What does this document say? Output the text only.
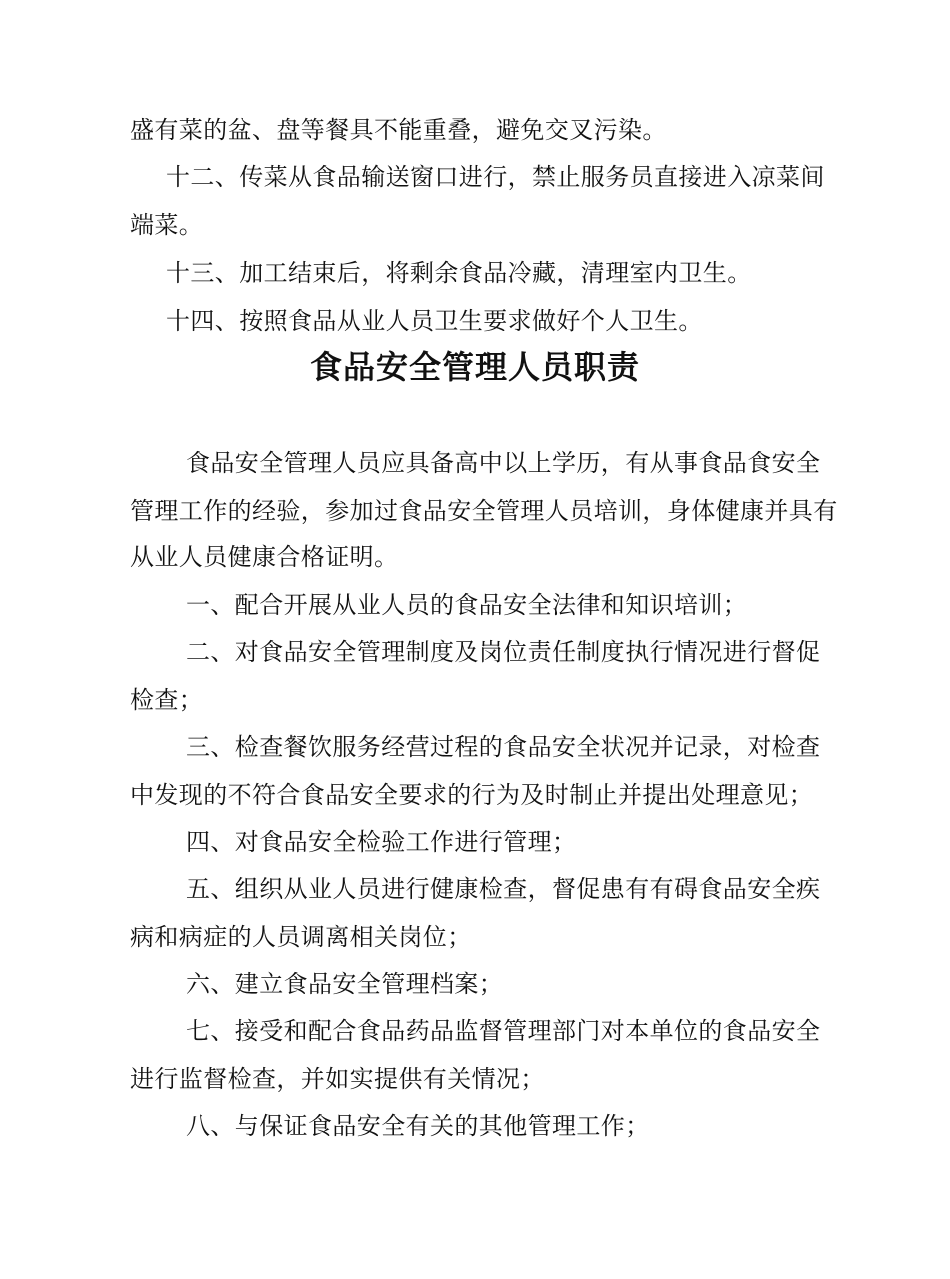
盛有菜的盆、盘等餐具不能重叠，避免交叉污染。
十二、传菜从食品输送窗口进行，禁止服务员直接进入凉菜间
端菜。
十三、加工结束后，将剩余食品冷藏，清理室内卫生。
十四、按照食品从业人员卫生要求做好个人卫生。
食品安全管理人员职责
食品安全管理人员应具备高中以上学历，有从事食品食安全
管理工作的经验，参加过食品安全管理人员培训，身体健康并具有
从业人员健康合格证明。
一、配合开展从业人员的食品安全法律和知识培训；
二、对食品安全管理制度及岗位责任制度执行情况进行督促
检查；
三、检查餐饮服务经营过程的食品安全状况并记录，对检查
中发现的不符合食品安全要求的行为及时制止并提出处理意见；
四、对食品安全检验工作进行管理；
五、组织从业人员进行健康检查，督促患有有碍食品安全疾
病和病症的人员调离相关岗位；
六、建立食品安全管理档案；
七、接受和配合食品药品监督管理部门对本单位的食品安全
进行监督检查，并如实提供有关情况；
八、与保证食品安全有关的其他管理工作；
